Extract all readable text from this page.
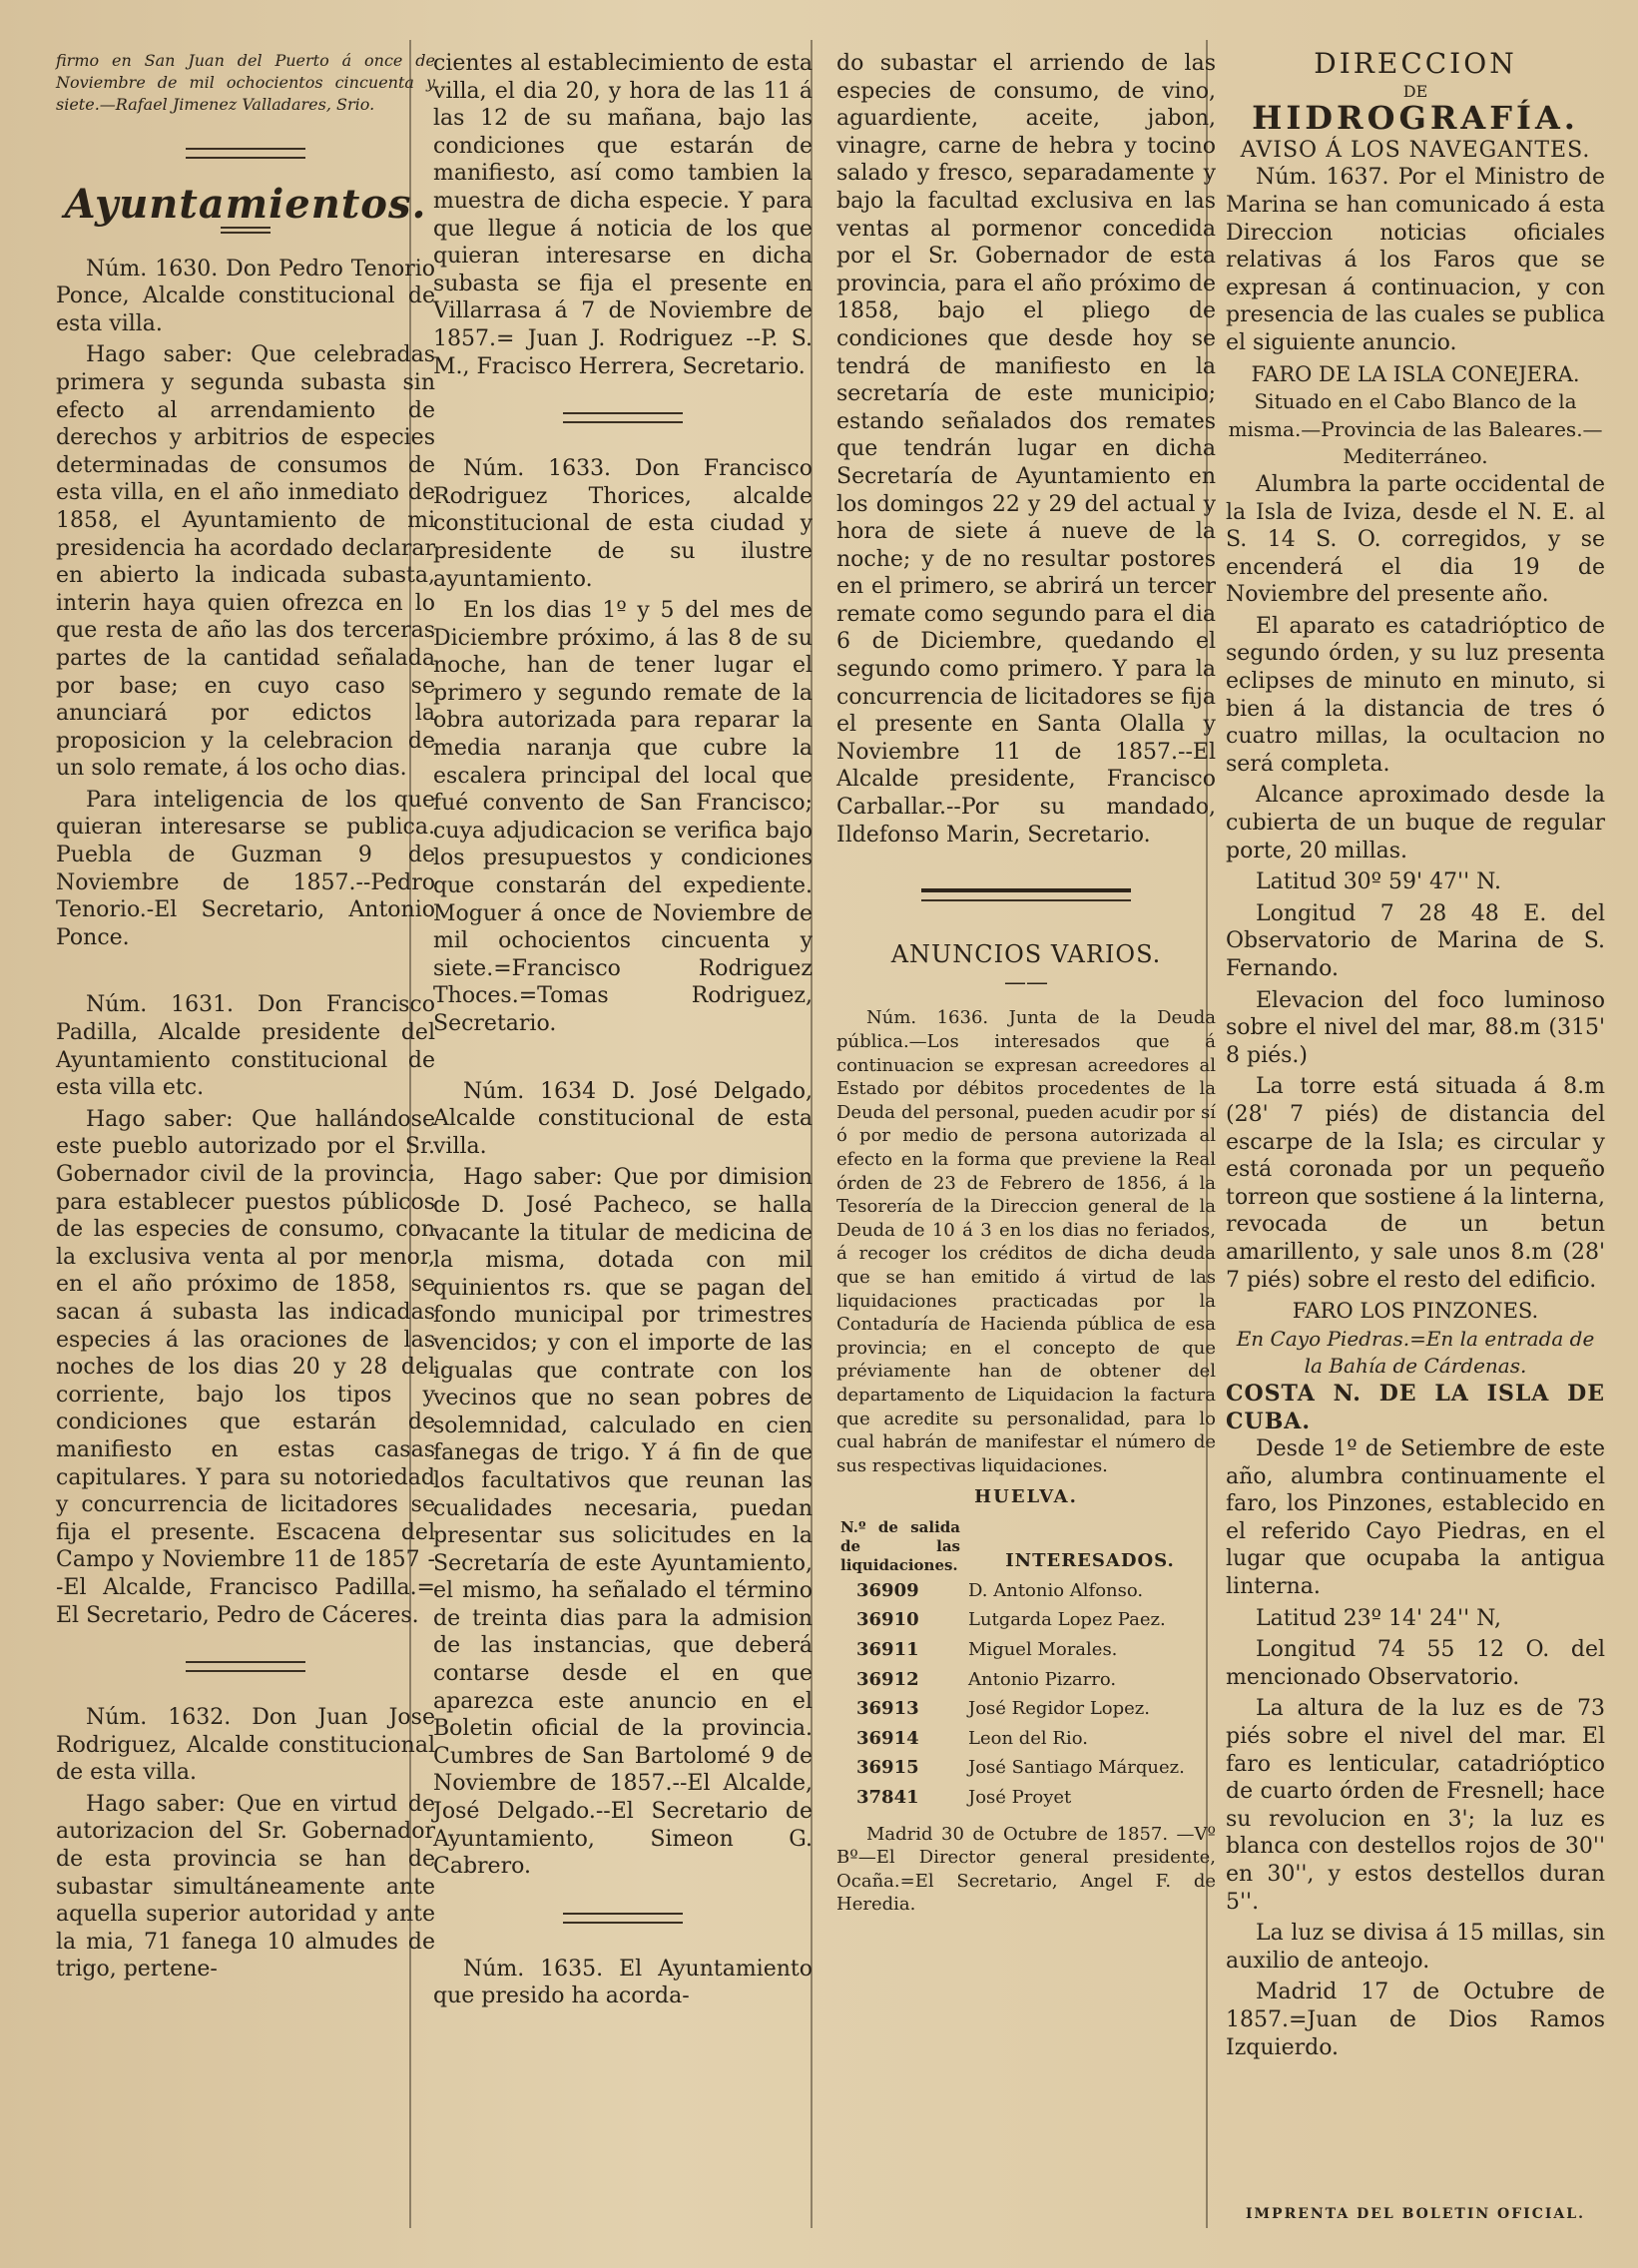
firmo en San Juan del Puerto á once de Noviembre de mil ochocientos cincuenta y siete.—Rafael Jimenez Valladares, Srio.

Ayuntamientos.

Núm. 1630. Don Pedro Tenorio Ponce, Alcalde constitucional de esta villa.

Hago saber: Que celebradas primera y segunda subasta sin efecto al arrendamiento de derechos y arbitrios de especies determinadas de consumos de esta villa, en el año inmediato de 1858, el Ayuntamiento de mi presidencia ha acordado declarar en abierto la indicada subasta, interin haya quien ofrezca en lo que resta de año las dos terceras partes de la cantidad señalada por base; en cuyo caso se anunciará por edictos la proposicion y la celebracion de un solo remate, á los ocho dias.

Para inteligencia de los que quieran interesarse se publica. Puebla de Guzman 9 de Noviembre de 1857.--Pedro Tenorio.-El Secretario, Antonio Ponce.

Núm. 1631. Don Francisco Padilla, Alcalde presidente del Ayuntamiento constitucional de esta villa etc.

Hago saber: Que hallándose este pueblo autorizado por el Sr. Gobernador civil de la provincia, para establecer puestos públicos de las especies de consumo, con la exclusiva venta al por menor, en el año próximo de 1858, se sacan á subasta las indicadas especies á las oraciones de las noches de los dias 20 y 28 del corriente, bajo los tipos y condiciones que estarán de manifiesto en estas casas capitulares. Y para su notoriedad y concurrencia de licitadores se fija el presente. Escacena del Campo y Noviembre 11 de 1857 --El Alcalde, Francisco Padilla.= El Secretario, Pedro de Cáceres.

Núm. 1632. Don Juan Jose Rodriguez, Alcalde constitucional de esta villa.

Hago saber: Que en virtud de autorizacion del Sr. Gobernador de esta provincia se han de subastar simultáneamente ante aquella superior autoridad y ante la mia, 71 fanega 10 almudes de trigo, pertene-

cientes al establecimiento de esta villa, el dia 20, y hora de las 11 á las 12 de su mañana, bajo las condiciones que estarán de manifiesto, así como tambien la muestra de dicha especie. Y para que llegue á noticia de los que quieran interesarse en dicha subasta se fija el presente en Villarrasa á 7 de Noviembre de 1857.= Juan J. Rodriguez --P. S. M., Fracisco Herrera, Secretario.

Núm. 1633. Don Francisco Rodriguez Thorices, alcalde constitucional de esta ciudad y presidente de su ilustre ayuntamiento.

En los dias 1º y 5 del mes de Diciembre próximo, á las 8 de su noche, han de tener lugar el primero y segundo remate de la obra autorizada para reparar la media naranja que cubre la escalera principal del local que fué convento de San Francisco; cuya adjudicacion se verifica bajo los presupuestos y condiciones que constarán del expediente. Moguer á once de Noviembre de mil ochocientos cincuenta y siete.=Francisco Rodriguez Thoces.=Tomas Rodriguez, Secretario.

Núm. 1634 D. José Delgado, Alcalde constitucional de esta villa.

Hago saber: Que por dimision de D. José Pacheco, se halla vacante la titular de medicina de la misma, dotada con mil quinientos rs. que se pagan del fondo municipal por trimestres vencidos; y con el importe de las igualas que contrate con los vecinos que no sean pobres de solemnidad, calculado en cien fanegas de trigo. Y á fin de que los facultativos que reunan las cualidades necesaria, puedan presentar sus solicitudes en la Secretaría de este Ayuntamiento, el mismo, ha señalado el término de treinta dias para la admision de las instancias, que deberá contarse desde el en que aparezca este anuncio en el Boletin oficial de la provincia. Cumbres de San Bartolomé 9 de Noviembre de 1857.--El Alcalde, José Delgado.--El Secretario de Ayuntamiento, Simeon G. Cabrero.

Núm. 1635. El Ayuntamiento que presido ha acorda-

do subastar el arriendo de las especies de consumo, de vino, aguardiente, aceite, jabon, vinagre, carne de hebra y tocino salado y fresco, separadamente y bajo la facultad exclusiva en las ventas al pormenor concedida por el Sr. Gobernador de esta provincia, para el año próximo de 1858, bajo el pliego de condiciones que desde hoy se tendrá de manifiesto en la secretaría de este municipio; estando señalados dos remates que tendrán lugar en dicha Secretaría de Ayuntamiento en los domingos 22 y 29 del actual y hora de siete á nueve de la noche; y de no resultar postores en el primero, se abrirá un tercer remate como segundo para el dia 6 de Diciembre, quedando el segundo como primero. Y para la concurrencia de licitadores se fija el presente en Santa Olalla y Noviembre 11 de 1857.--El Alcalde presidente, Francisco Carballar.--Por su mandado, Ildefonso Marin, Secretario.

ANUNCIOS VARIOS.

——

Núm. 1636. Junta de la Deuda pública.—Los interesados que á continuacion se expresan acreedores al Estado por débitos procedentes de la Deuda del personal, pueden acudir por sí ó por medio de persona autorizada al efecto en la forma que previene la Real órden de 23 de Febrero de 1856, á la Tesorería de la Direccion general de la Deuda de 10 á 3 en los dias no feriados, á recoger los créditos de dicha deuda que se han emitido á virtud de las liquidaciones practicadas por la Contaduría de Hacienda pública de esa provincia; en el concepto de que préviamente han de obtener del departamento de Liquidacion la factura que acredite su personalidad, para lo cual habrán de manifestar el número de sus respectivas liquidaciones.

HUELVA.

N.º de salida de las liquidaciones.	INTERESADOS.
36909	D. Antonio Alfonso.
36910	Lutgarda Lopez Paez.
36911	Miguel Morales.
36912	Antonio Pizarro.
36913	José Regidor Lopez.
36914	Leon del Rio.
36915	José Santiago Márquez.
37841	José Proyet

Madrid 30 de Octubre de 1857. —Vº Bº—El Director general presidente, Ocaña.=El Secretario, Angel F. de Heredia.

DIRECCION

DE

HIDROGRAFÍA.

AVISO Á LOS NAVEGANTES.

Núm. 1637. Por el Ministro de Marina se han comunicado á esta Direccion noticias oficiales relativas á los Faros que se expresan á continuacion, y con presencia de las cuales se publica el siguiente anuncio.

FARO DE LA ISLA CONEJERA.

Situado en el Cabo Blanco de la misma.—Provincia de las Baleares.—Mediterráneo.

Alumbra la parte occidental de la Isla de Iviza, desde el N. E. al S. 14 S. O. corregidos, y se encenderá el dia 19 de Noviembre del presente año.

El aparato es catadrióptico de segundo órden, y su luz presenta eclipses de minuto en minuto, si bien á la distancia de tres ó cuatro millas, la ocultacion no será completa.

Alcance aproximado desde la cubierta de un buque de regular porte, 20 millas.

Latitud 30º 59' 47'' N.

Longitud 7 28 48 E. del Observatorio de Marina de S. Fernando.

Elevacion del foco luminoso sobre el nivel del mar, 88.m (315' 8 piés.)

La torre está situada á 8.m (28' 7 piés) de distancia del escarpe de la Isla; es circular y está coronada por un pequeño torreon que sostiene á la linterna, revocada de un betun amarillento, y sale unos 8.m (28' 7 piés) sobre el resto del edificio.

FARO LOS PINZONES.

En Cayo Piedras.=En la entrada de la Bahía de Cárdenas.

COSTA N. DE LA ISLA DE CUBA.

Desde 1º de Setiembre de este año, alumbra continuamente el faro, los Pinzones, establecido en el referido Cayo Piedras, en el lugar que ocupaba la antigua linterna.

Latitud 23º 14' 24'' N,

Longitud 74 55 12 O. del mencionado Observatorio.

La altura de la luz es de 73 piés sobre el nivel del mar. El faro es lenticular, catadrióptico de cuarto órden de Fresnell; hace su revolucion en 3'; la luz es blanca con destellos rojos de 30'' en 30'', y estos destellos duran 5''.

La luz se divisa á 15 millas, sin auxilio de anteojo.

Madrid 17 de Octubre de 1857.=Juan de Dios Ramos Izquierdo.

IMPRENTA DEL BOLETIN OFICIAL.
